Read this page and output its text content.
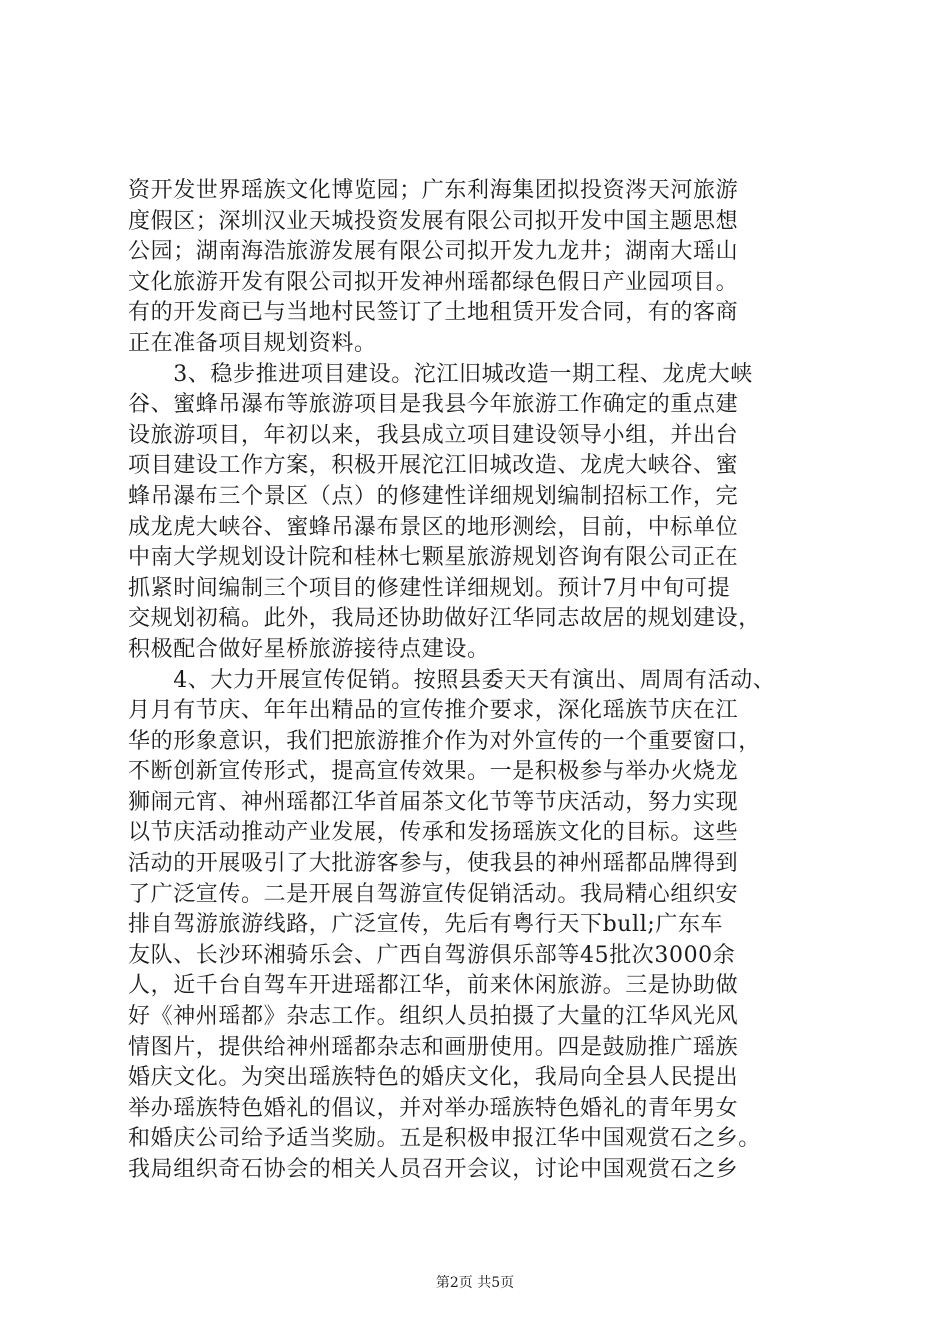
资开发世界瑶族文化博览园；广东利海集团拟投资涔天河旅游
度假区；深圳汉业天城投资发展有限公司拟开发中国主题思想
公园；湖南海浩旅游发展有限公司拟开发九龙井；湖南大瑶山
文化旅游开发有限公司拟开发神州瑶都绿色假日产业园项目。
有的开发商已与当地村民签订了土地租赁开发合同，有的客商
正在准备项目规划资料。
　　3、稳步推进项目建设。沱江旧城改造一期工程、龙虎大峡
谷、蜜蜂吊瀑布等旅游项目是我县今年旅游工作确定的重点建
设旅游项目，年初以来，我县成立项目建设领导小组，并出台
项目建设工作方案，积极开展沱江旧城改造、龙虎大峡谷、蜜
蜂吊瀑布三个景区（点）的修建性详细规划编制招标工作，完
成龙虎大峡谷、蜜蜂吊瀑布景区的地形测绘，目前，中标单位
中南大学规划设计院和桂林七颗星旅游规划咨询有限公司正在
抓紧时间编制三个项目的修建性详细规划。预计7月中旬可提
交规划初稿。此外，我局还协助做好江华同志故居的规划建设，
积极配合做好星桥旅游接待点建设。
　　4、大力开展宣传促销。按照县委天天有演出、周周有活动、
月月有节庆、年年出精品的宣传推介要求，深化瑶族节庆在江
华的形象意识，我们把旅游推介作为对外宣传的一个重要窗口，
不断创新宣传形式，提高宣传效果。一是积极参与举办火烧龙
狮闹元宵、神州瑶都江华首届茶文化节等节庆活动，努力实现
以节庆活动推动产业发展，传承和发扬瑶族文化的目标。这些
活动的开展吸引了大批游客参与，使我县的神州瑶都品牌得到
了广泛宣传。二是开展自驾游宣传促销活动。我局精心组织安
排自驾游旅游线路，广泛宣传，先后有粤行天下bull;广东车
友队、长沙环湘骑乐会、广西自驾游俱乐部等45批次3000余
人，近千台自驾车开进瑶都江华，前来休闲旅游。三是协助做
好《神州瑶都》杂志工作。组织人员拍摄了大量的江华风光风
情图片，提供给神州瑶都杂志和画册使用。四是鼓励推广瑶族
婚庆文化。为突出瑶族特色的婚庆文化，我局向全县人民提出
举办瑶族特色婚礼的倡议，并对举办瑶族特色婚礼的青年男女
和婚庆公司给予适当奖励。五是积极申报江华中国观赏石之乡。
我局组织奇石协会的相关人员召开会议，讨论中国观赏石之乡
第2页 共5页
